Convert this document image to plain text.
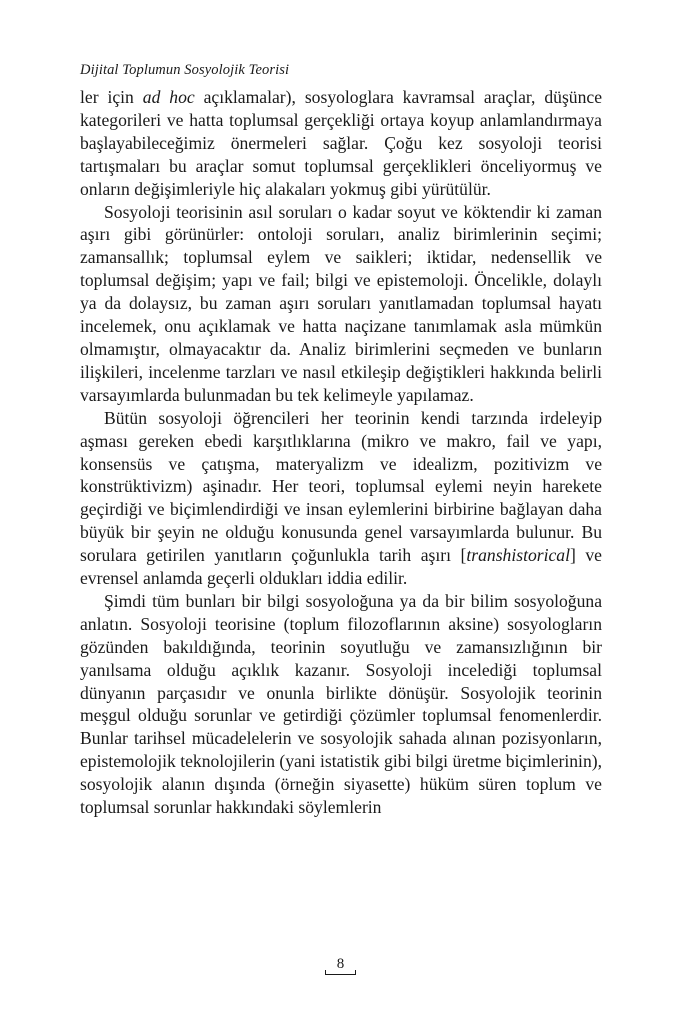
Dijital Toplumun Sosyolojik Teorisi

ler için ad hoc açıklamalar), sosyologlara kavramsal araçlar, düşünce kategorileri ve hatta toplumsal gerçekliği ortaya koyup anlamlandırmaya başlayabileceğimiz önermeleri sağlar. Çoğu kez sosyoloji teorisi tartışmaları bu araçlar somut toplumsal gerçeklikleri önceliyormuş ve onların değişimleriyle hiç alakaları yokmuş gibi yürütülür.

Sosyoloji teorisinin asıl soruları o kadar soyut ve köktendir ki zaman aşırı gibi görünürler: ontoloji soruları, analiz birimlerinin seçimi; zamansallık; toplumsal eylem ve saikleri; iktidar, nedensellik ve toplumsal değişim; yapı ve fail; bilgi ve epistemoloji. Öncelikle, dolaylı ya da dolaysız, bu zaman aşırı soruları yanıtlamadan toplumsal hayatı incelemek, onu açıklamak ve hatta naçizane tanımlamak asla mümkün olmamıştır, olmayacaktır da. Analiz birimlerini seçmeden ve bunların ilişkileri, incelenme tarzları ve nasıl etkileşip değiştikleri hakkında belirli varsayımlarda bulunmadan bu tek kelimeyle yapılamaz.

Bütün sosyoloji öğrencileri her teorinin kendi tarzında irdeleyip aşması gereken ebedi karşıtlıklarına (mikro ve makro, fail ve yapı, konsensüs ve çatışma, materyalizm ve idealizm, pozitivizm ve konstrüktivizm) aşinadır. Her teori, toplumsal eylemi neyin harekete geçirdiği ve biçimlendirdiği ve insan eylemlerini birbirine bağlayan daha büyük bir şeyin ne olduğu konusunda genel varsayımlarda bulunur. Bu sorulara getirilen yanıtların çoğunlukla tarih aşırı [transhistorical] ve evrensel anlamda geçerli oldukları iddia edilir.

Şimdi tüm bunları bir bilgi sosyoloğuna ya da bir bilim sosyoloğuna anlatın. Sosyoloji teorisine (toplum filozoflarının aksine) sosyologların gözünden bakıldığında, teorinin soyutluğu ve zamansızlığının bir yanılsama olduğu açıklık kazanır. Sosyoloji incelediği toplumsal dünyanın parçasıdır ve onunla birlikte dönüşür. Sosyolojik teorinin meşgul olduğu sorunlar ve getirdiği çözümler toplumsal fenomenlerdir. Bunlar tarihsel mücadelelerin ve sosyolojik sahada alınan pozisyonların, epistemolojik teknolojilerin (yani istatistik gibi bilgi üretme biçimlerinin), sosyolojik alanın dışında (örneğin siyasette) hüküm süren toplum ve toplumsal sorunlar hakkındaki söylemlerin

8
